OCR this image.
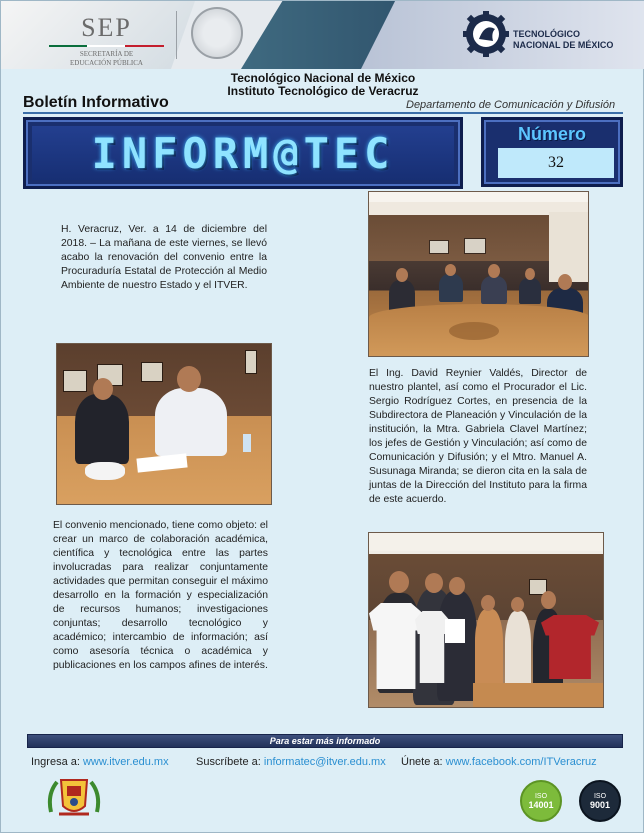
SEP
SECRETARÍA DE
EDUCACIÓN PÚBLICA
TECNOLÓGICO
NACIONAL DE MÉXICO
Tecnológico Nacional de México
Instituto Tecnológico de Veracruz
Boletín Informativo	Departamento de Comunicación y Difusión
INFORM@TEC	Número
32

H. Veracruz, Ver. a 14 de diciembre del 2018. – La mañana de este viernes, se llevó acabo la renovación del convenio entre la Procuraduría Estatal de Protección al Medio Ambiente de nuestro Estado y el ITVER.

El Ing. David Reynier Valdés, Director de nuestro plantel, así como el Procurador el Lic. Sergio Rodríguez Cortes, en presencia de la Subdirectora de Planeación y Vinculación de la institución, la Mtra. Gabriela Clavel Martínez; los jefes de Gestión y Vinculación; así como de Comunicación y Difusión; y el Mtro. Manuel A. Susunaga Miranda; se dieron cita en la sala de juntas de la Dirección del Instituto para la firma de este acuerdo.

El convenio mencionado, tiene como objeto: el crear un marco de colaboración académica, científica y tecnológica entre las partes involucradas para realizar conjuntamente actividades que permitan conseguir el máximo desarrollo en la formación y especialización de recursos humanos; investigaciones conjuntas; desarrollo tecnológico y académico; intercambio de información; así como asesoría técnica o académica y publicaciones en los campos afines de interés.

Para estar más informado
Ingresa a: www.itver.edu.mx Suscríbete a: informatec@itver.edu.mx Únete a: www.facebook.com/ITVeracruz
ISO
14001
ISO
9001
